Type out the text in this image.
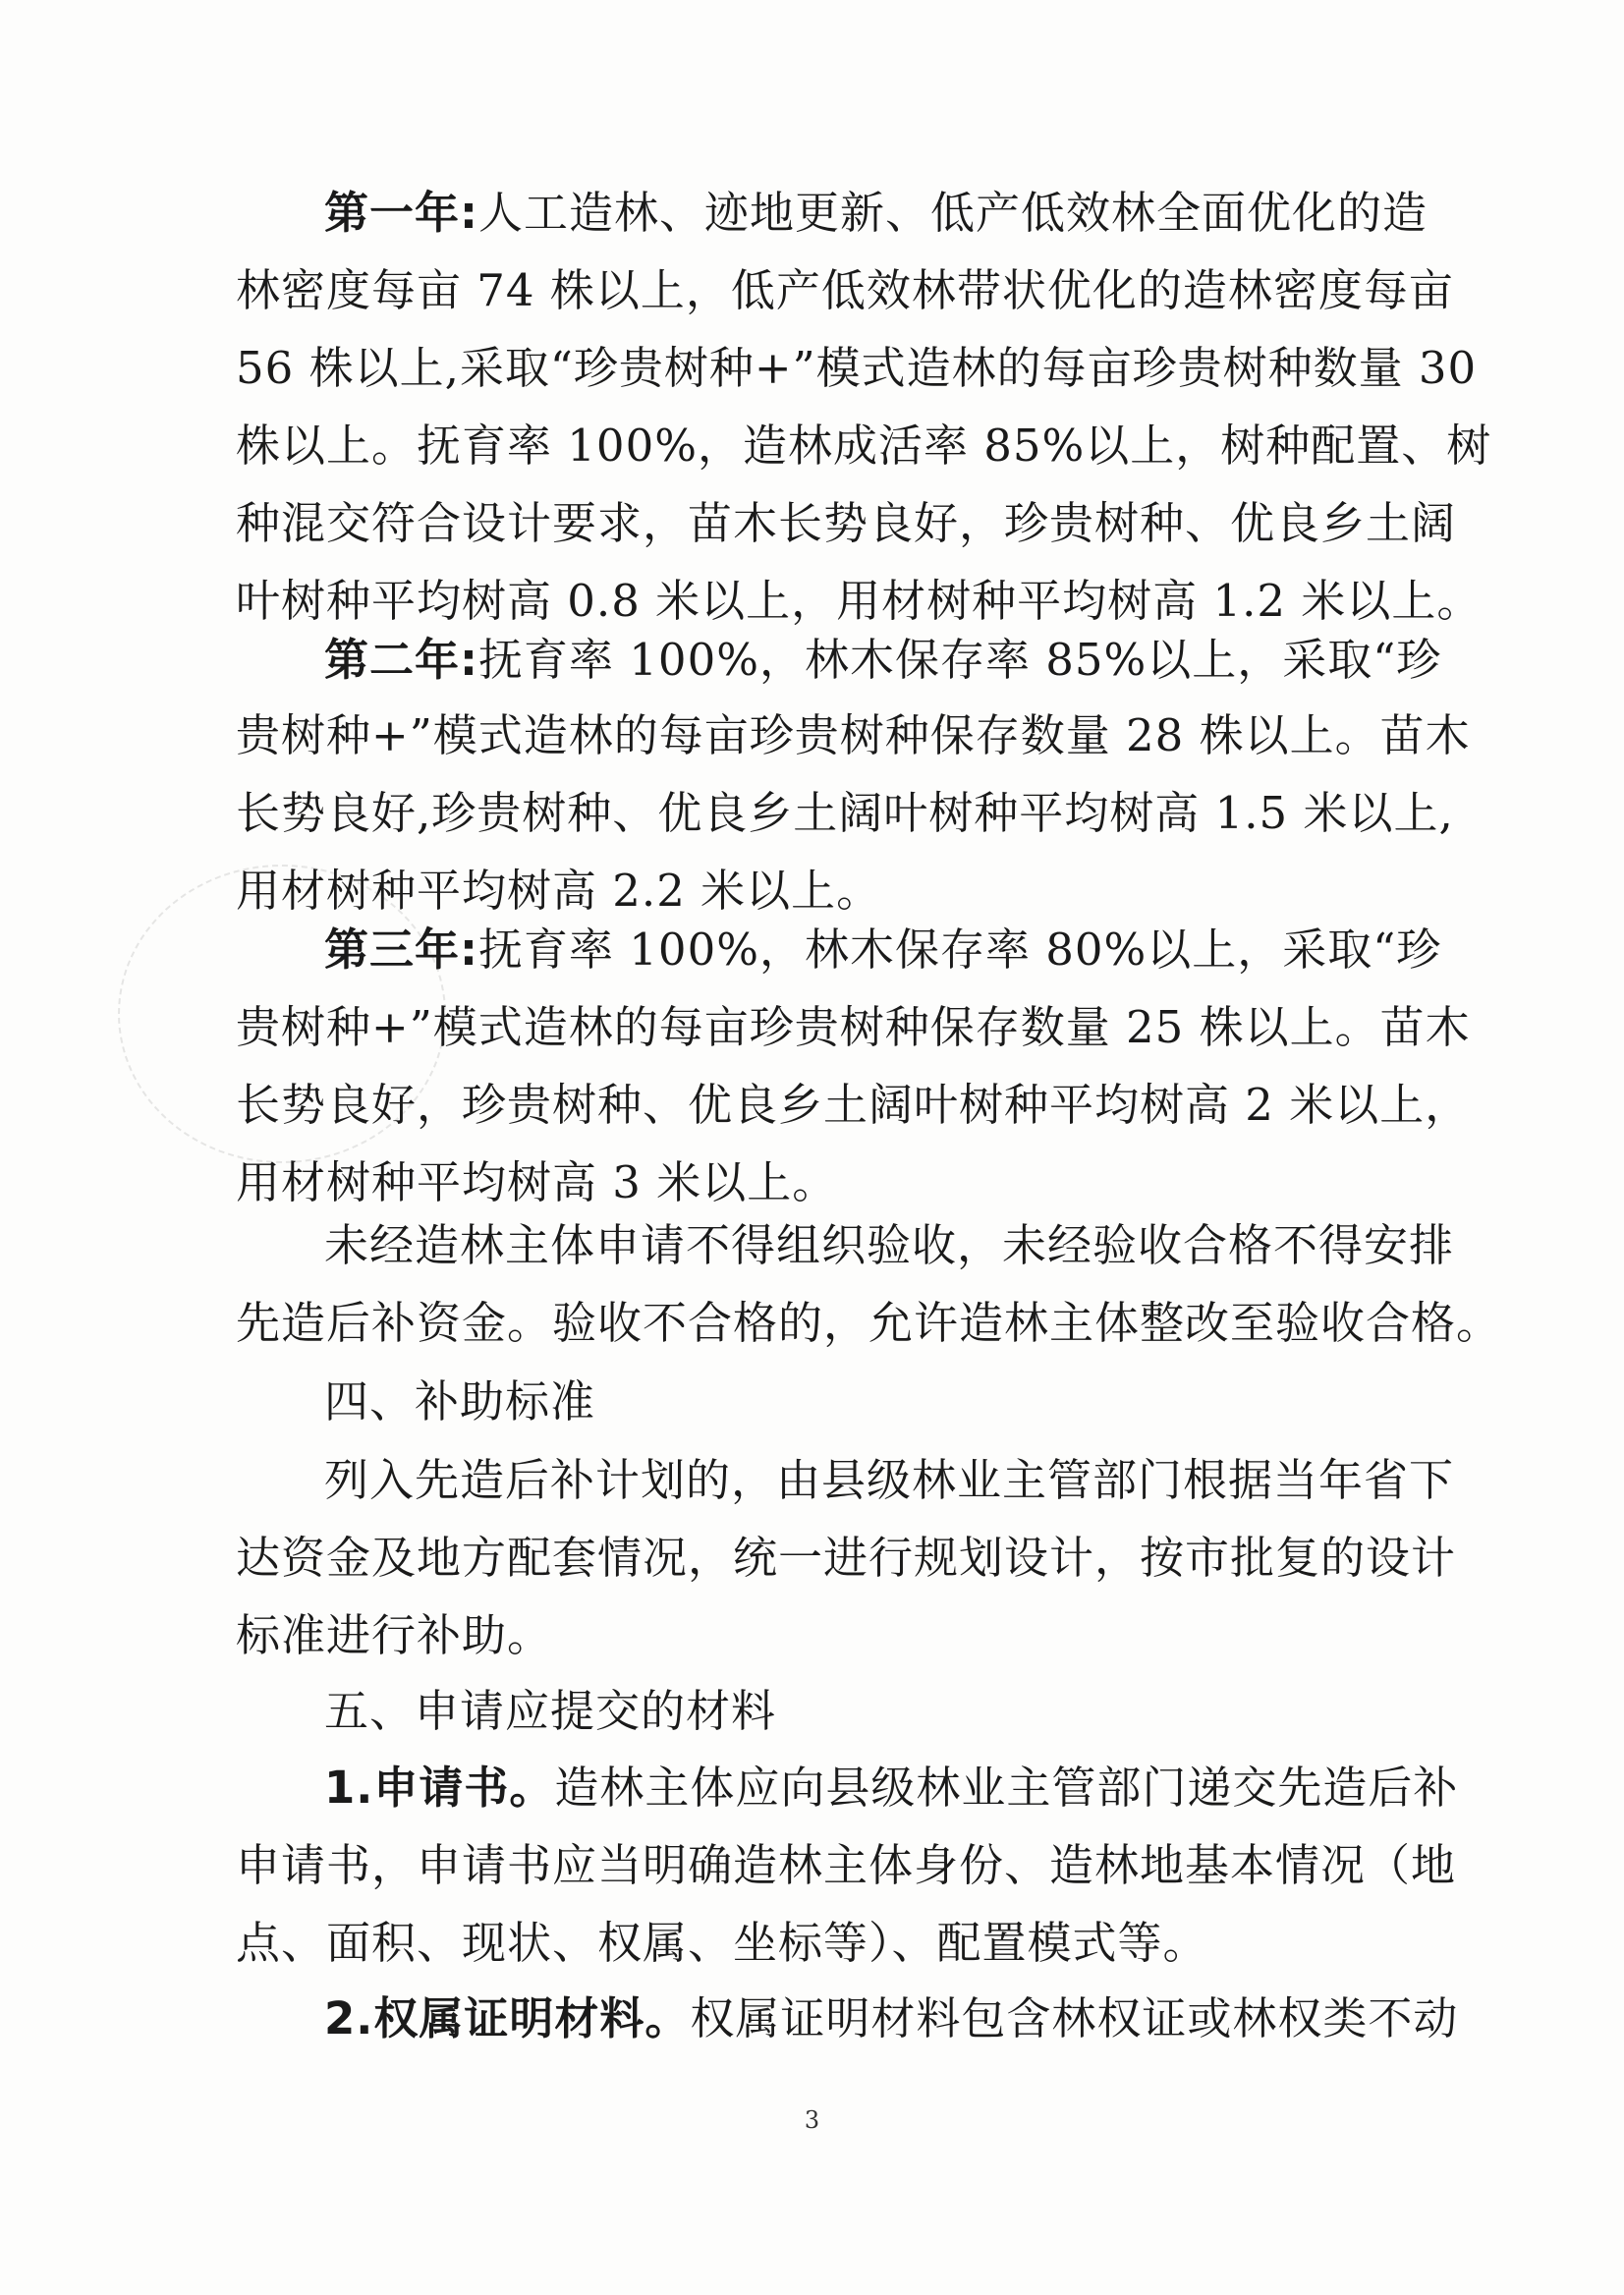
第一年:人工造林、迹地更新、低产低效林全面优化的造
林密度每亩 74 株以上，低产低效林带状优化的造林密度每亩
56 株以上,采取“珍贵树种+”模式造林的每亩珍贵树种数量 30
株以上。抚育率 100%，造林成活率 85%以上，树种配置、树
种混交符合设计要求，苗木长势良好，珍贵树种、优良乡土阔
叶树种平均树高 0.8 米以上，用材树种平均树高 1.2 米以上。
第二年:抚育率 100%，林木保存率 85%以上，采取“珍
贵树种+”模式造林的每亩珍贵树种保存数量 28 株以上。苗木
长势良好,珍贵树种、优良乡土阔叶树种平均树高 1.5 米以上,
用材树种平均树高 2.2 米以上。
第三年:抚育率 100%，林木保存率 80%以上，采取“珍
贵树种+”模式造林的每亩珍贵树种保存数量 25 株以上。苗木
长势良好，珍贵树种、优良乡土阔叶树种平均树高 2 米以上，
用材树种平均树高 3 米以上。
未经造林主体申请不得组织验收，未经验收合格不得安排
先造后补资金。验收不合格的，允许造林主体整改至验收合格。
四、补助标准
列入先造后补计划的，由县级林业主管部门根据当年省下
达资金及地方配套情况，统一进行规划设计，按市批复的设计
标准进行补助。
五、申请应提交的材料
1.申请书。造林主体应向县级林业主管部门递交先造后补
申请书，申请书应当明确造林主体身份、造林地基本情况（地
点、面积、现状、权属、坐标等）、配置模式等。
2.权属证明材料。权属证明材料包含林权证或林权类不动
3
